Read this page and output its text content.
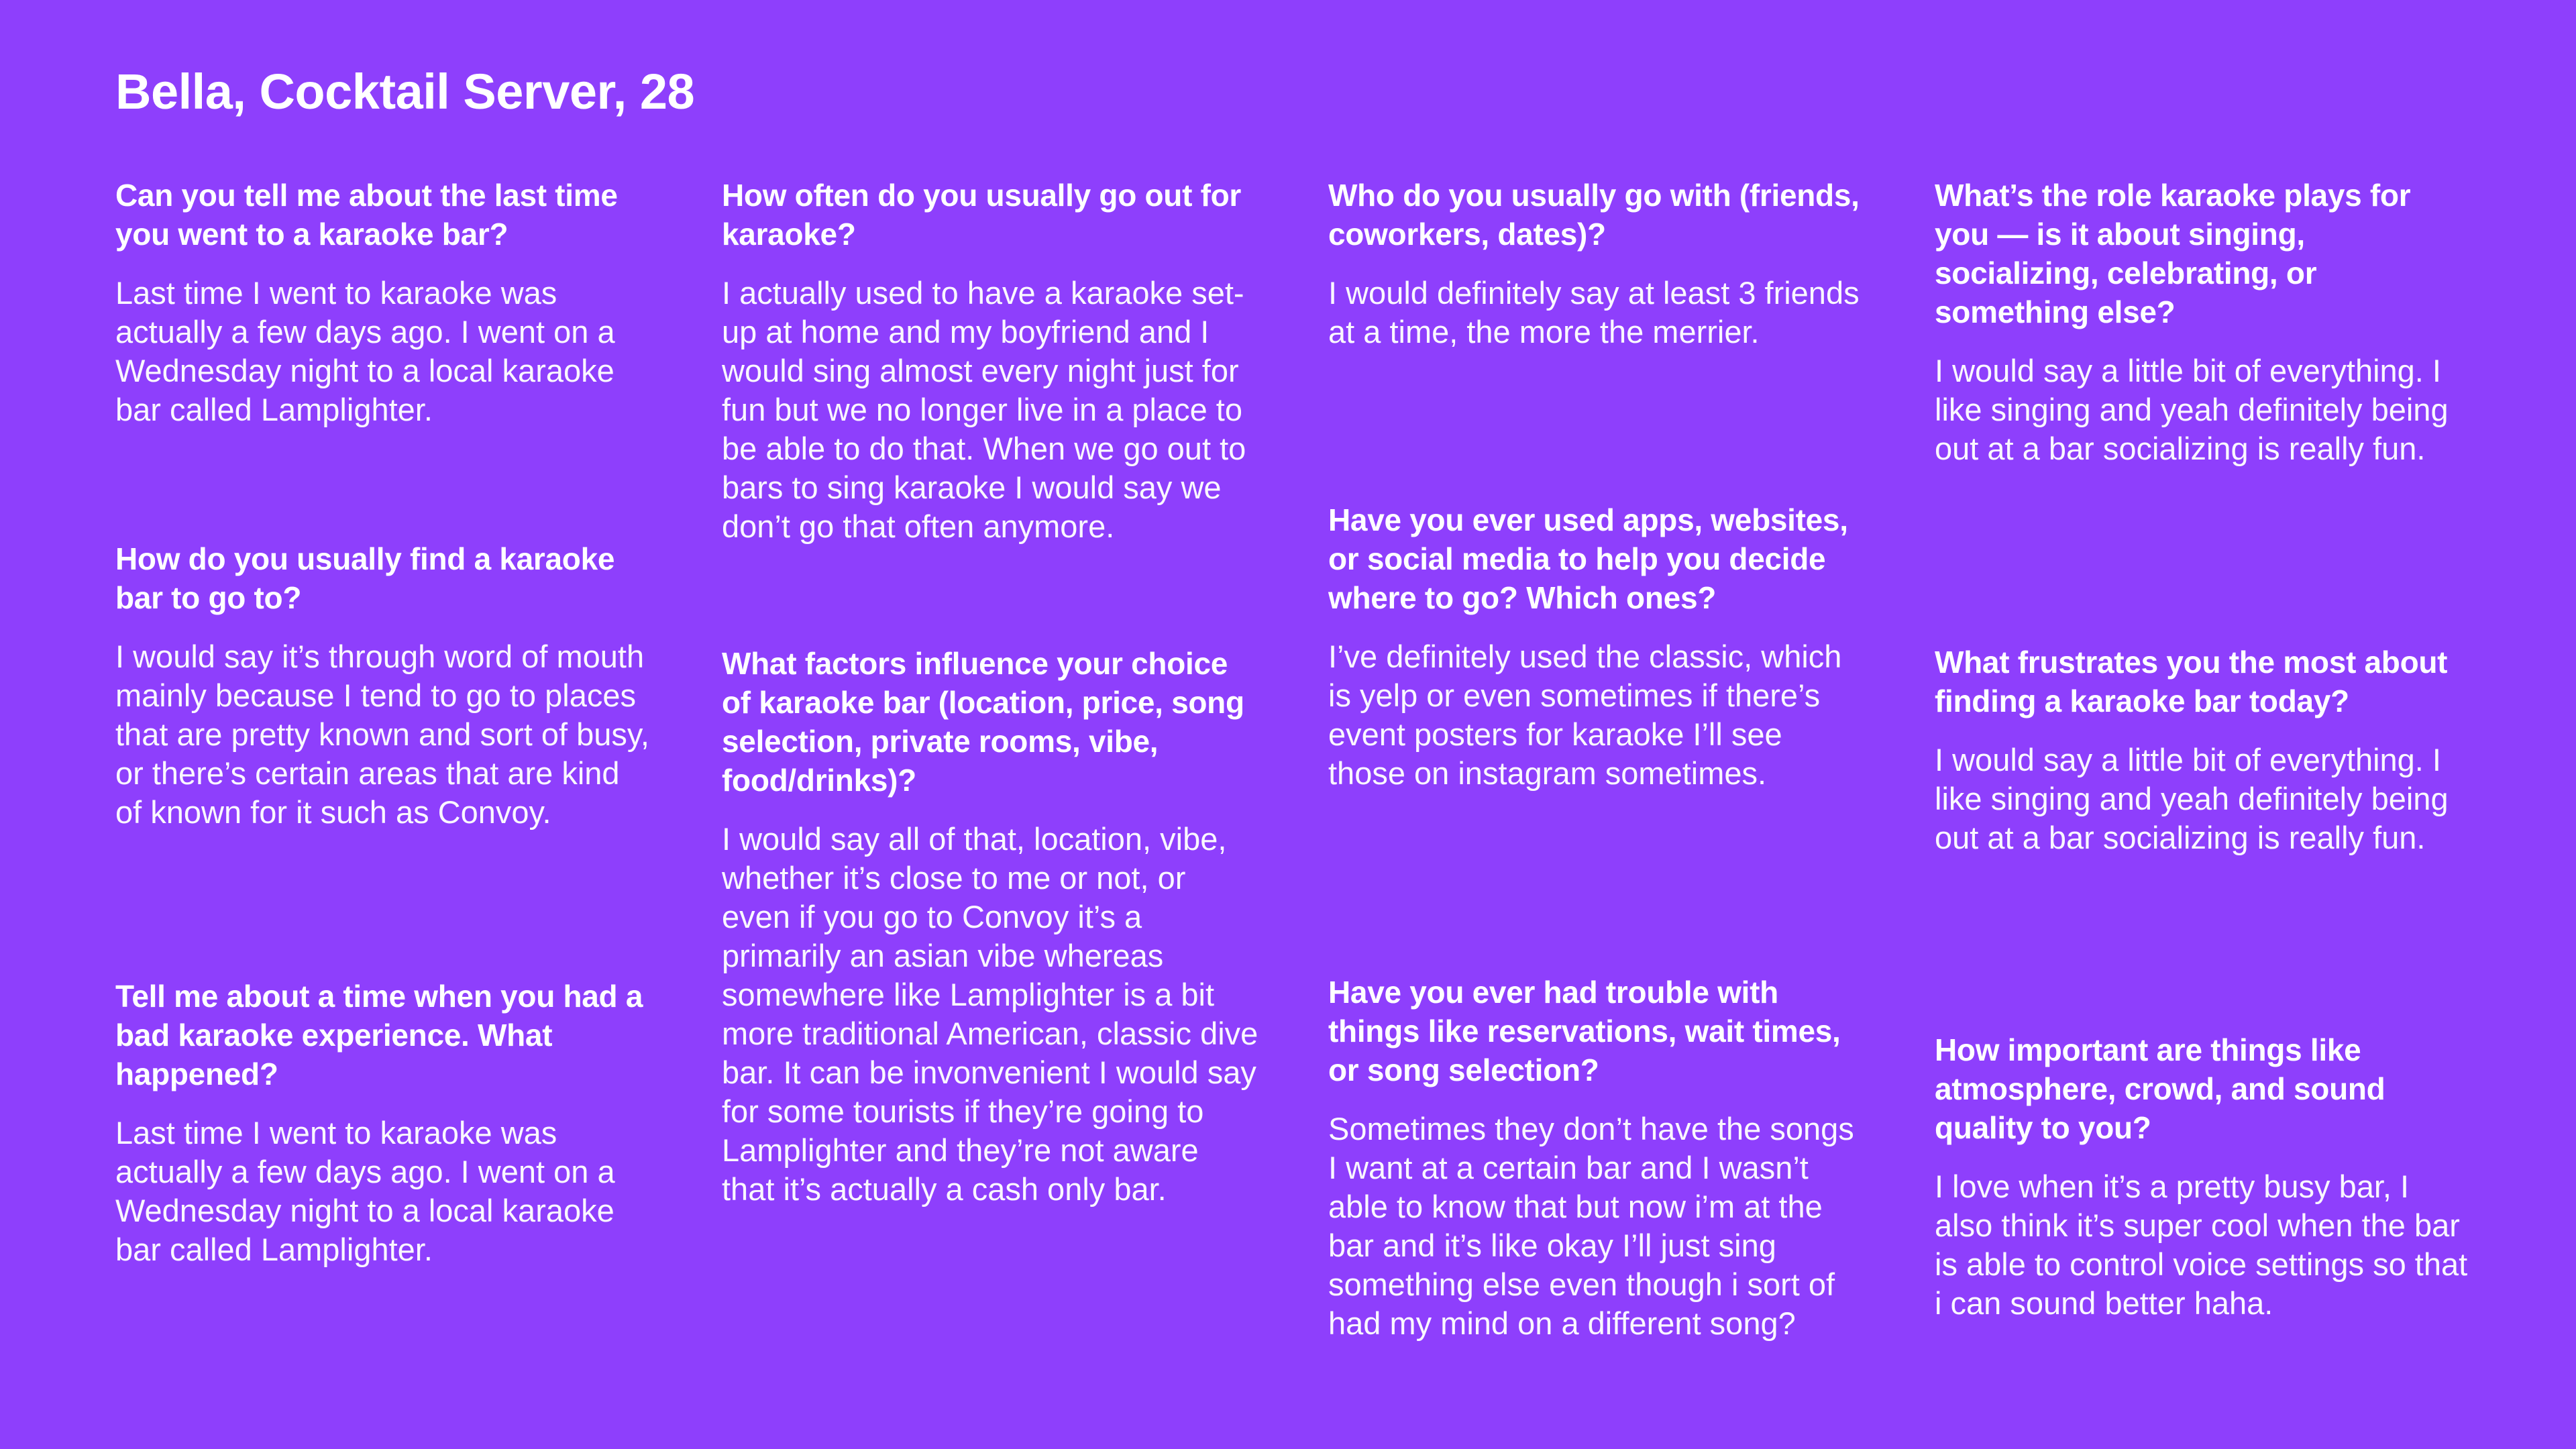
Bella, Cocktail Server, 28

Can you tell me about the last time you went to a karaoke bar?

Last time I went to karaoke was actually a few days ago. I went on a Wednesday night to a local karaoke bar called Lamplighter.

How do you usually find a karaoke bar to go to?

I would say it’s through word of mouth mainly because I tend to go to places that are pretty known and sort of busy, or there’s certain areas that are kind of known for it such as Convoy.

Tell me about a time when you had a bad karaoke experience. What happened?

Last time I went to karaoke was actually a few days ago. I went on a Wednesday night to a local karaoke bar called Lamplighter.

How often do you usually go out for karaoke?

I actually used to have a karaoke set-up at home and my boyfriend and I would sing almost every night just for fun but we no longer live in a place to be able to do that. When we go out to bars to sing karaoke I would say we don’t go that often anymore.

What factors influence your choice of karaoke bar (location, price, song selection, private rooms, vibe, food/drinks)?

I would say all of that, location, vibe, whether it’s close to me or not, or even if you go to Convoy it’s a primarily an asian vibe whereas somewhere like Lamplighter is a bit more traditional American, classic dive bar. It can be invonvenient I would say for some tourists if they’re going to Lamplighter and they’re not aware that it’s actually a cash only bar.

Who do you usually go with (friends, coworkers, dates)?

I would definitely say at least 3 friends at a time, the more the merrier.

Have you ever used apps, websites, or social media to help you decide where to go? Which ones?

I’ve definitely used the classic, which is yelp or even sometimes if there’s event posters for karaoke I’ll see those on instagram sometimes.

Have you ever had trouble with things like reservations, wait times, or song selection?

Sometimes they don’t have the songs I want at a certain bar and I wasn’t able to know that but now i’m at the bar and it’s like okay I’ll just sing something else even though i sort of had my mind on a different song?

What’s the role karaoke plays for you — is it about singing, socializing, celebrating, or something else?

I would say a little bit of everything. I like singing and yeah definitely being out at a bar socializing is really fun.

What frustrates you the most about finding a karaoke bar today?

I would say a little bit of everything. I like singing and yeah definitely being out at a bar socializing is really fun.

How important are things like atmosphere, crowd, and sound quality to you?

I love when it’s a pretty busy bar, I also think it’s super cool when the bar is able to control voice settings so that i can sound better haha.
